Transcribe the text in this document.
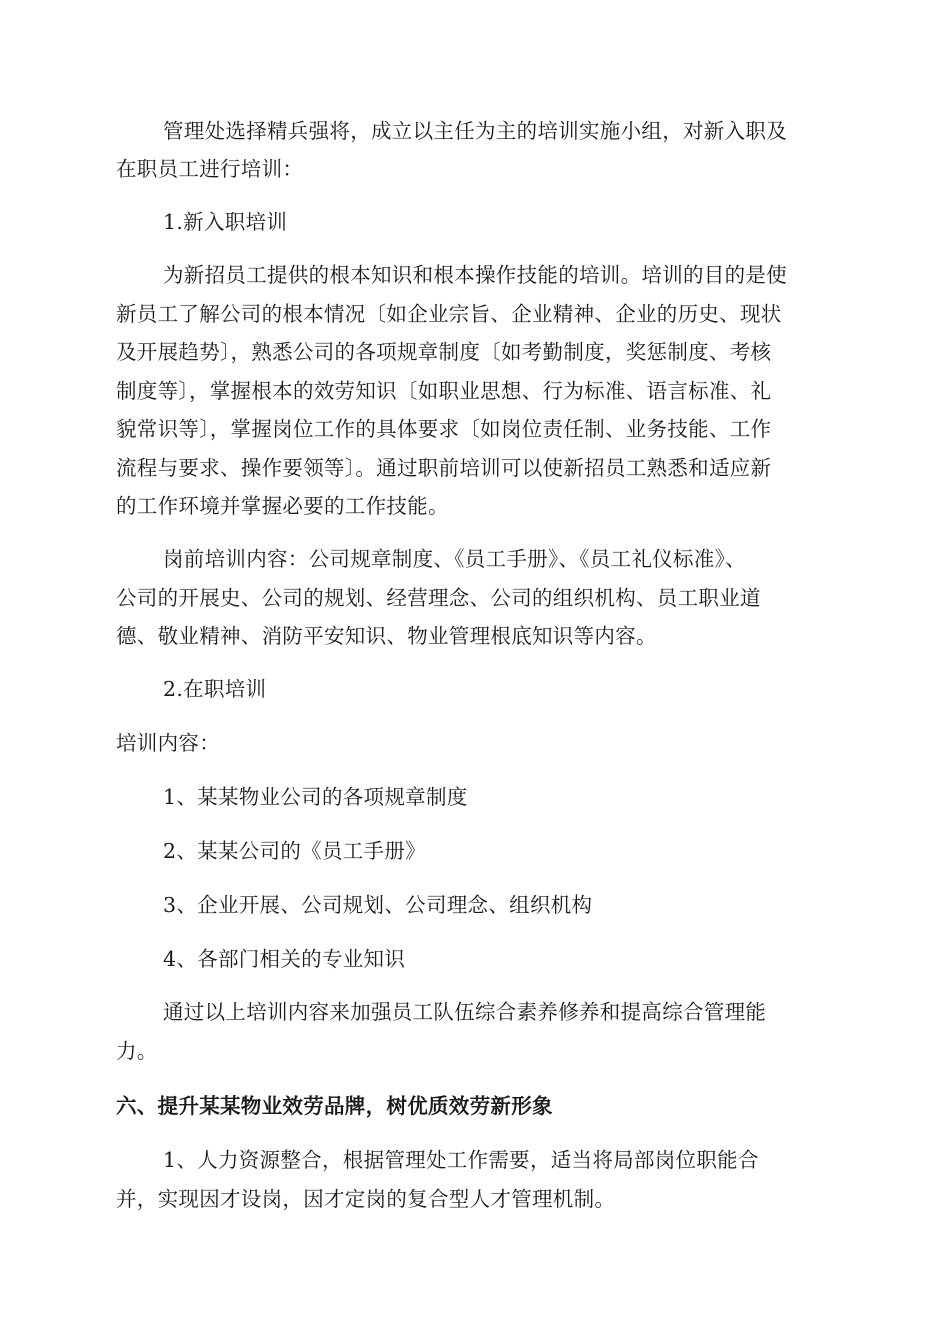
管理处选择精兵强将，成立以主任为主的培训实施小组，对新入职及
在职员工进行培训：
1.新入职培训
为新招员工提供的根本知识和根本操作技能的培训。培训的目的是使
新员工了解公司的根本情况〔如企业宗旨、企业精神、企业的历史、现状
及开展趋势〕，熟悉公司的各项规章制度〔如考勤制度，奖惩制度、考核
制度等〕，掌握根本的效劳知识〔如职业思想、行为标准、语言标准、礼
貌常识等〕，掌握岗位工作的具体要求〔如岗位责任制、业务技能、工作
流程与要求、操作要领等〕。通过职前培训可以使新招员工熟悉和适应新
的工作环境并掌握必要的工作技能。
岗前培训内容：公司规章制度、《员工手册》、《员工礼仪标准》、
公司的开展史、公司的规划、经营理念、公司的组织机构、员工职业道
德、敬业精神、消防平安知识、物业管理根底知识等内容。
2.在职培训
培训内容：
1、某某物业公司的各项规章制度
2、某某公司的《员工手册》
3、企业开展、公司规划、公司理念、组织机构
4、各部门相关的专业知识
通过以上培训内容来加强员工队伍综合素养修养和提高综合管理能
力。
六、提升某某物业效劳品牌，树优质效劳新形象
1、人力资源整合，根据管理处工作需要，适当将局部岗位职能合
并，实现因才设岗，因才定岗的复合型人才管理机制。
